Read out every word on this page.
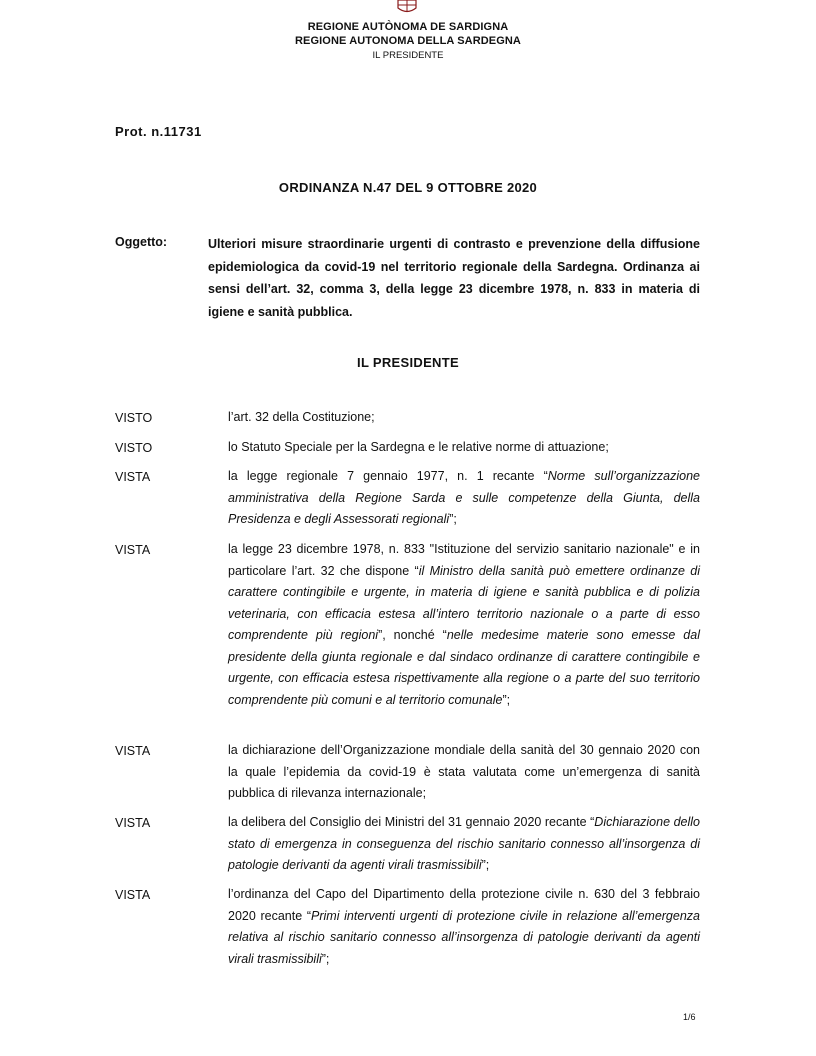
REGIONE AUTÒNOMA DE SARDIGNA
REGIONE AUTONOMA DELLA SARDEGNA
IL PRESIDENTE
Prot. n.11731
ORDINANZA N.47 DEL 9 OTTOBRE 2020
Oggetto:	Ulteriori misure straordinarie urgenti di contrasto e prevenzione della diffusione epidemiologica da covid-19 nel territorio regionale della Sardegna. Ordinanza ai sensi dell’art. 32, comma 3, della legge 23 dicembre 1978, n. 833 in materia di igiene e sanità pubblica.
IL PRESIDENTE
VISTO	l’art. 32 della Costituzione;
VISTO	lo Statuto Speciale per la Sardegna e le relative norme di attuazione;
VISTA	la legge regionale 7 gennaio 1977, n. 1 recante “Norme sull’organizzazione amministrativa della Regione Sarda e sulle competenze della Giunta, della Presidenza e degli Assessorati regionali”;
VISTA	la legge 23 dicembre 1978, n. 833 "Istituzione del servizio sanitario nazionale" e in particolare l’art. 32 che dispone “il Ministro della sanità può emettere ordinanze di carattere contingibile e urgente, in materia di igiene e sanità pubblica e di polizia veterinaria, con efficacia estesa all’intero territorio nazionale o a parte di esso comprendente più regioni”, nonché “nelle medesime materie sono emesse dal presidente della giunta regionale e dal sindaco ordinanze di carattere contingibile e urgente, con efficacia estesa rispettivamente alla regione o a parte del suo territorio comprendente più comuni e al territorio comunale”;
VISTA	la dichiarazione dell’Organizzazione mondiale della sanità del 30 gennaio 2020 con la quale l’epidemia da covid-19 è stata valutata come un’emergenza di sanità pubblica di rilevanza internazionale;
VISTA	la delibera del Consiglio dei Ministri del 31 gennaio 2020 recante “Dichiarazione dello stato di emergenza in conseguenza del rischio sanitario connesso all’insorgenza di patologie derivanti da agenti virali trasmissibili”;
VISTA	l’ordinanza del Capo del Dipartimento della protezione civile n. 630 del 3 febbraio 2020 recante “Primi interventi urgenti di protezione civile in relazione all’emergenza relativa al rischio sanitario connesso all’insorgenza di patologie derivanti da agenti virali trasmissibili”;
1/6
